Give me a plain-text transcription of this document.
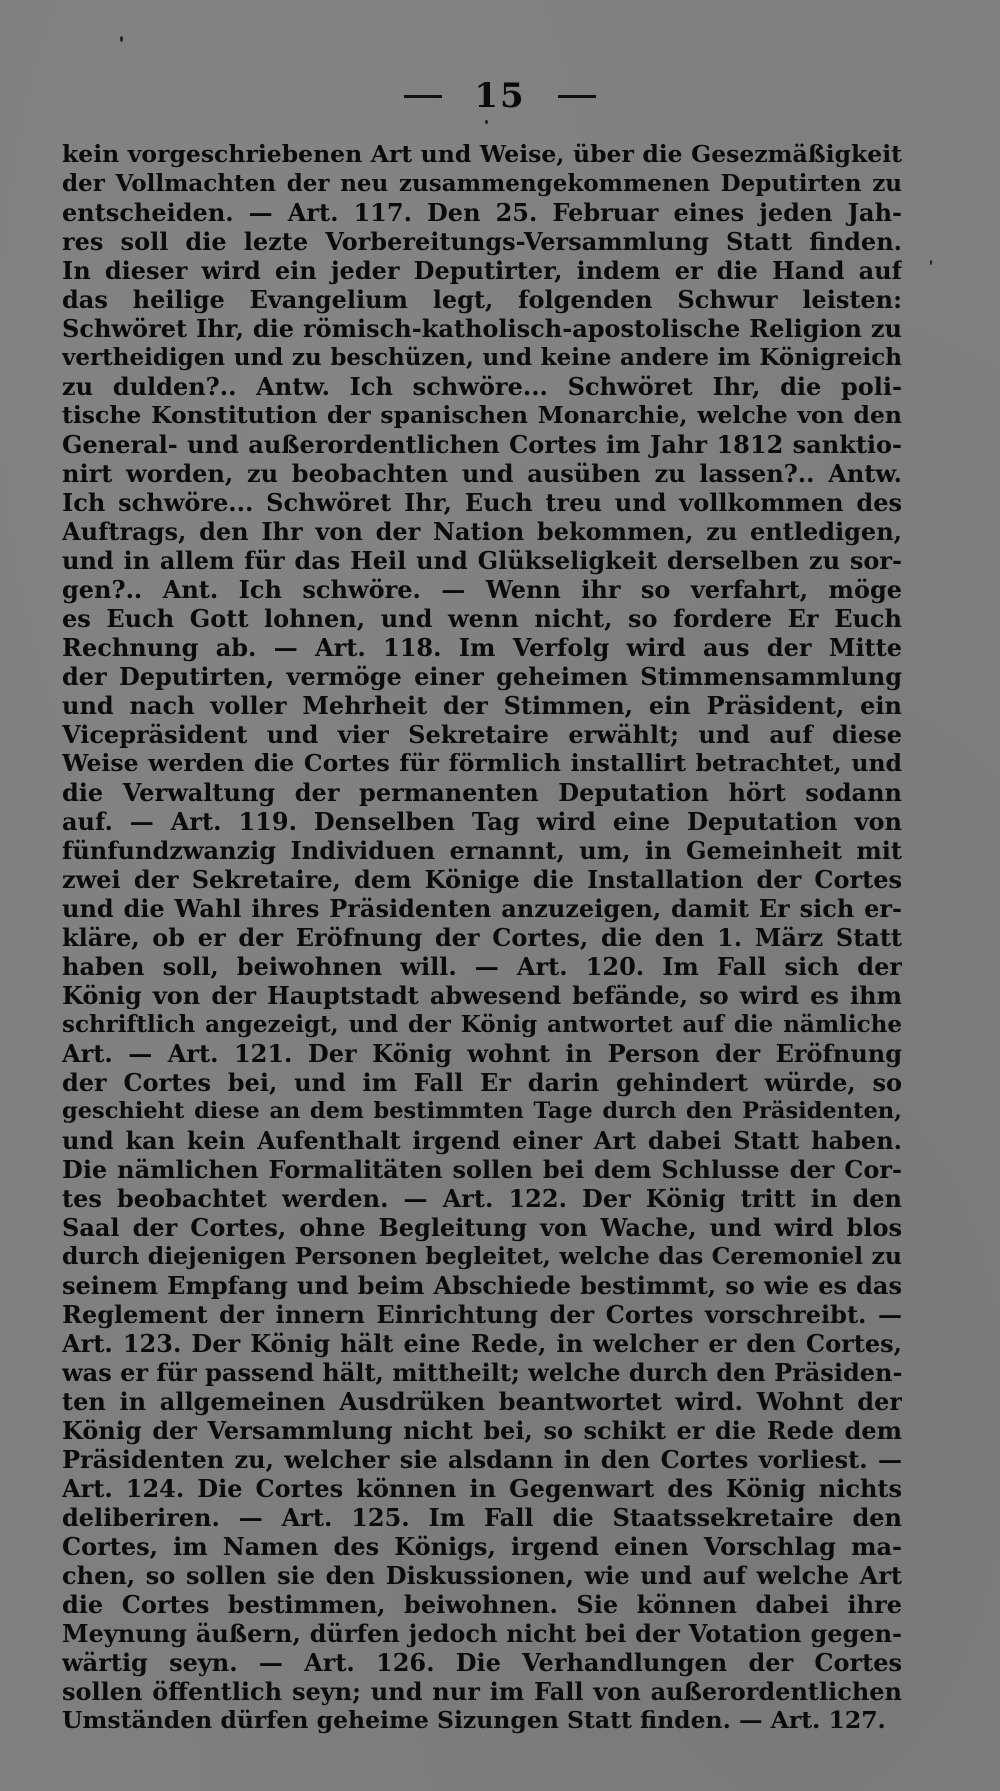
15
kein vorgeschriebenen Art und Weise, über die Gesezmäßigkeit
der Vollmachten der neu zusammengekommenen Deputirten zu
entscheiden. — Art. 117. Den 25. Februar eines jeden Jah-
res soll die lezte Vorbereitungs-Versammlung Statt finden.
In dieser wird ein jeder Deputirter, indem er die Hand auf
das heilige Evangelium legt, folgenden Schwur leisten:
Schwöret Ihr, die römisch-katholisch-apostolische Religion zu
vertheidigen und zu beschüzen, und keine andere im Königreich
zu dulden?.. Antw. Ich schwöre... Schwöret Ihr, die poli-
tische Konstitution der spanischen Monarchie, welche von den
General- und außerordentlichen Cortes im Jahr 1812 sanktio-
nirt worden, zu beobachten und ausüben zu lassen?.. Antw.
Ich schwöre... Schwöret Ihr, Euch treu und vollkommen des
Auftrags, den Ihr von der Nation bekommen, zu entledigen,
und in allem für das Heil und Glükseligkeit derselben zu sor-
gen?.. Ant. Ich schwöre. — Wenn ihr so verfahrt, möge
es Euch Gott lohnen, und wenn nicht, so fordere Er Euch
Rechnung ab. — Art. 118. Im Verfolg wird aus der Mitte
der Deputirten, vermöge einer geheimen Stimmensammlung
und nach voller Mehrheit der Stimmen, ein Präsident, ein
Vicepräsident und vier Sekretaire erwählt; und auf diese
Weise werden die Cortes für förmlich installirt betrachtet, und
die Verwaltung der permanenten Deputation hört sodann
auf. — Art. 119. Denselben Tag wird eine Deputation von
fünfundzwanzig Individuen ernannt, um, in Gemeinheit mit
zwei der Sekretaire, dem Könige die Installation der Cortes
und die Wahl ihres Präsidenten anzuzeigen, damit Er sich er-
kläre, ob er der Eröfnung der Cortes, die den 1. März Statt
haben soll, beiwohnen will. — Art. 120. Im Fall sich der
König von der Hauptstadt abwesend befände, so wird es ihm
schriftlich angezeigt, und der König antwortet auf die nämliche
Art. — Art. 121. Der König wohnt in Person der Eröfnung
der Cortes bei, und im Fall Er darin gehindert würde, so
geschieht diese an dem bestimmten Tage durch den Präsidenten,
und kan kein Aufenthalt irgend einer Art dabei Statt haben.
Die nämlichen Formalitäten sollen bei dem Schlusse der Cor-
tes beobachtet werden. — Art. 122. Der König tritt in den
Saal der Cortes, ohne Begleitung von Wache, und wird blos
durch diejenigen Personen begleitet, welche das Ceremoniel zu
seinem Empfang und beim Abschiede bestimmt, so wie es das
Reglement der innern Einrichtung der Cortes vorschreibt. —
Art. 123. Der König hält eine Rede, in welcher er den Cortes,
was er für passend hält, mittheilt; welche durch den Präsiden-
ten in allgemeinen Ausdrüken beantwortet wird. Wohnt der
König der Versammlung nicht bei, so schikt er die Rede dem
Präsidenten zu, welcher sie alsdann in den Cortes vorliest. —
Art. 124. Die Cortes können in Gegenwart des König nichts
deliberiren. — Art. 125. Im Fall die Staatssekretaire den
Cortes, im Namen des Königs, irgend einen Vorschlag ma-
chen, so sollen sie den Diskussionen, wie und auf welche Art
die Cortes bestimmen, beiwohnen. Sie können dabei ihre
Meynung äußern, dürfen jedoch nicht bei der Votation gegen-
wärtig seyn. — Art. 126. Die Verhandlungen der Cortes
sollen öffentlich seyn; und nur im Fall von außerordentlichen
Umständen dürfen geheime Sizungen Statt finden. — Art. 127.
